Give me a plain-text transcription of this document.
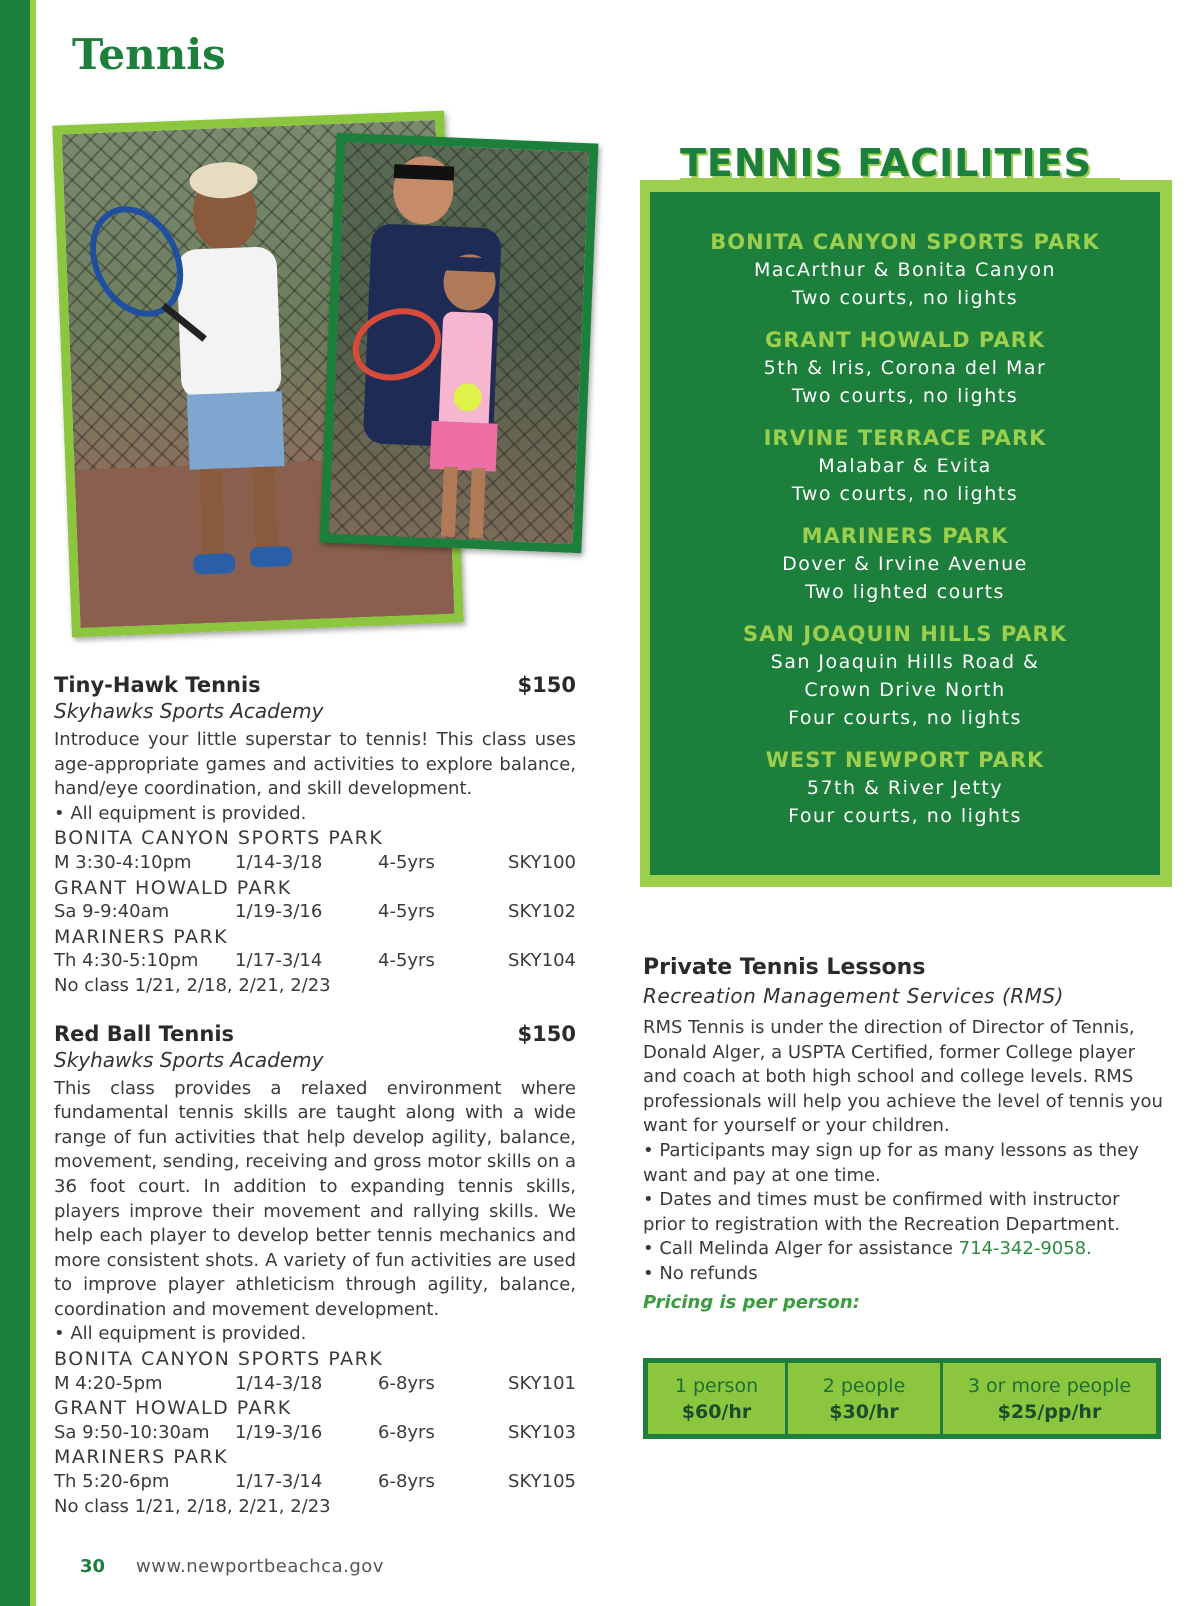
Tennis
TENNIS FACILITIES
BONITA CANYON SPORTS PARK
MacArthur & Bonita Canyon
Two courts, no lights
GRANT HOWALD PARK
5th & Iris, Corona del Mar
Two courts, no lights
IRVINE TERRACE PARK
Malabar & Evita
Two courts, no lights
MARINERS PARK
Dover & Irvine Avenue
Two lighted courts
SAN JOAQUIN HILLS PARK
San Joaquin Hills Road &
Crown Drive North
Four courts, no lights
WEST NEWPORT PARK
57th & River Jetty
Four courts, no lights
Tiny-Hawk Tennis	$150
Skyhawks Sports Academy
Introduce your little superstar to tennis! This class uses age-appropriate games and activities to explore balance, hand/eye coordination, and skill development.
• All equipment is provided.
BONITA CANYON SPORTS PARK
M 3:30-4:10pm 1/14-3/18	4-5yrs	SKY100
GRANT HOWALD PARK
Sa 9-9:40am	1/19-3/16	4-5yrs	SKY102
MARINERS PARK
Th 4:30-5:10pm 1/17-3/14	4-5yrs	SKY104
No class 1/21, 2/18, 2/21, 2/23
Red Ball Tennis	$150
Skyhawks Sports Academy
This class provides a relaxed environment where fundamental tennis skills are taught along with a wide range of fun activities that help develop agility, balance, movement, sending, receiving and gross motor skills on a 36 foot court. In addition to expanding tennis skills, players improve their movement and rallying skills. We help each player to develop better tennis mechanics and more consistent shots. A variety of fun activities are used to improve player athleticism through agility, balance, coordination and movement development.
• All equipment is provided.
BONITA CANYON SPORTS PARK
M 4:20-5pm	1/14-3/18	6-8yrs	SKY101
GRANT HOWALD PARK
Sa 9:50-10:30am 1/19-3/16	6-8yrs	SKY103
MARINERS PARK
Th 5:20-6pm	1/17-3/14	6-8yrs	SKY105
No class 1/21, 2/18, 2/21, 2/23
Private Tennis Lessons
Recreation Management Services (RMS)
RMS Tennis is under the direction of Director of Tennis, Donald Alger, a USPTA Certified, former College player and coach at both high school and college levels. RMS professionals will help you achieve the level of tennis you want for yourself or your children.
• Participants may sign up for as many lessons as they want and pay at one time.
• Dates and times must be confirmed with instructor prior to registration with the Recreation Department.
• Call Melinda Alger for assistance 714-342-9058.
• No refunds
Pricing is per person:
1 person
$60/hr
2 people
$30/hr
3 or more people
$25/pp/hr
30 www.newportbeachca.gov
